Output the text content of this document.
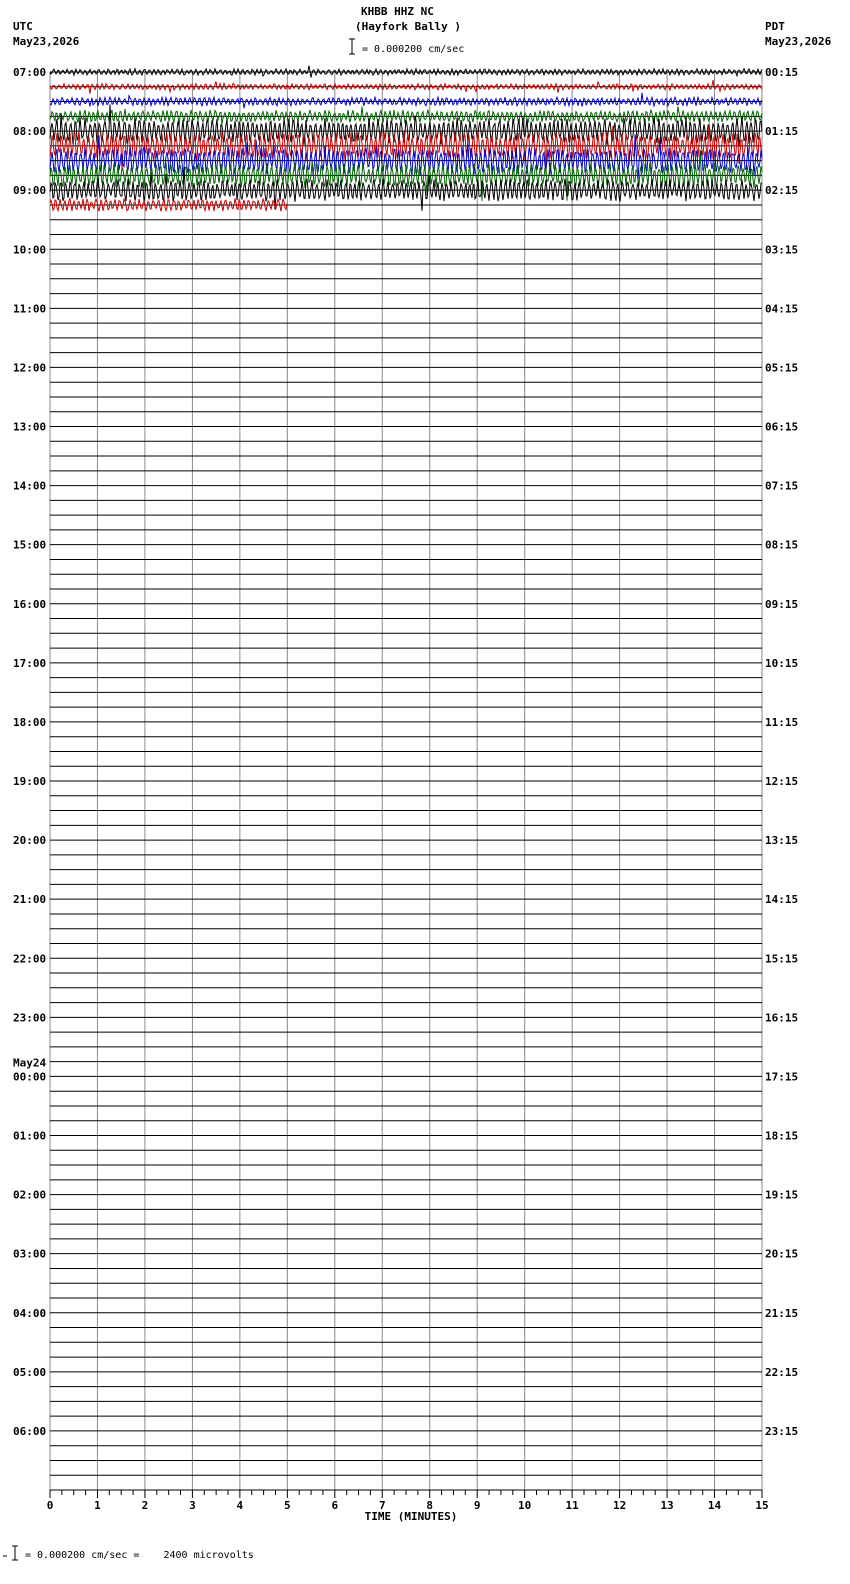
KHBB HHZ NC
(Hayfork Bally )
= 0.000200 cm/sec
UTC
May23,2026
PDT
May23,2026
= 0.000200 cm/sec =    2400 microvolts
0	1	2	3	4	5	6	7	8	9	10	11	12	13	14	15
TIME (MINUTES)
07:00
08:00
09:00
10:00
11:00
12:00
13:00
14:00
15:00
16:00
17:00
18:00
19:00
20:00
21:00
22:00
23:00
00:00
May24
01:00
02:00
03:00
04:00
05:00
06:00
00:15
01:15
02:15
03:15
04:15
05:15
06:15
07:15
08:15
09:15
10:15
11:15
12:15
13:15
14:15
15:15
16:15
17:15
18:15
19:15
20:15
21:15
22:15
23:15
